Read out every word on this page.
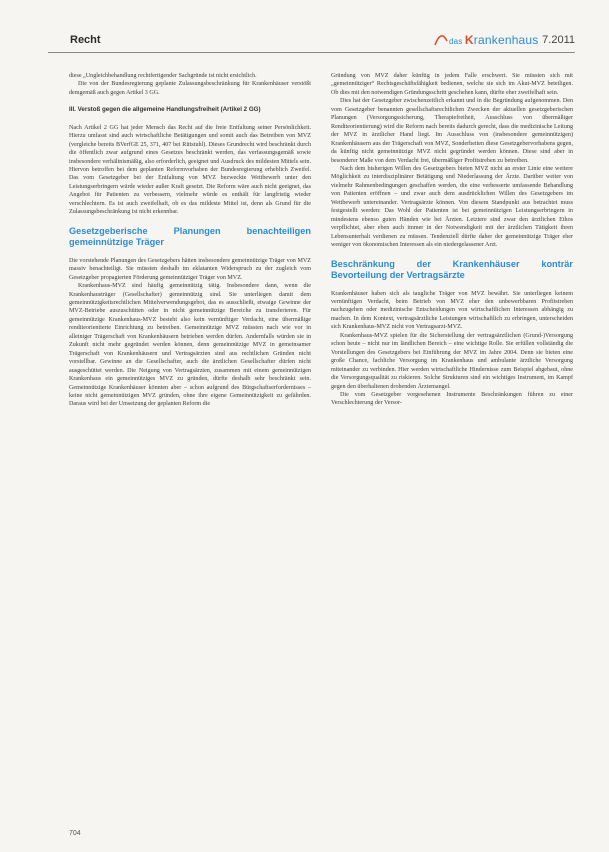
Recht	das Krankenhaus 7.2011

diese „Ungleichbehandlung rechtfertigender Sachgründe ist nicht ersichtlich.

Die von der Bundesregierung geplante Zulassungsbeschränkung für Krankenhäuser verstößt demgemäß auch gegen Artikel 3 GG.

III. Verstoß gegen die allgemeine Handlungsfreiheit (Artikel 2 GG)

Nach Artikel 2 GG hat jeder Mensch das Recht auf die freie Entfaltung seiner Persönlichkeit. Hierzu umfasst sind auch wirtschaftliche Betätigungen und somit auch das Betreiben von MVZ (vergleiche bereits BVerfGE 25, 371, 407 bei Rittstuhl). Dieses Grundrecht wird beschränkt durch die öffentlich zwar aufgrund eines Gesetzes beschränkt werden, das verfassungsgemäß sowie insbesondere verhältnismäßig, also erforderlich, geeignet und Ausdruck des mildesten Mittels sein. Hiervon betroffen bei dem geplanten Reformvorhaben der Bundesregierung erheblich Zweifel. Das vom Gesetzgeber bei der Entfaltung von MVZ bezweckte Wettbewerb unter den Leistungserbringern würde wieder außer Kraft gesetzt. Die Reform wäre auch nicht geeignet, das Angebot für Patienten zu verbessern, vielmehr würde es enthält für langfristig wieder verschlechtern. Es ist auch zweifelhaft, ob es das mildeste Mittel ist, denn als Grund für die Zulassungsbeschränkung ist nicht erkennbar.

Gesetzgeberische Planungen benachteiligen gemeinnützige Träger

Die vorstehende Planungen des Gesetzgebers hätten insbesondere gemeinnützige Träger von MVZ massiv benachteiligt. Sie müssten deshalb im eklatanten Widerspruch zu der zugleich vom Gesetzgeber propagierten Förderung gemeinnütziger Träger von MVZ.

Krankenhaus-MVZ sind häufig gemeinnützig tätig. Insbesondere dann, wenn die Krankenhausträger (Gesellschafter) gemeinnützig sind. Sie unterliegen damit dem gemeinnützigkeitsrechtlichen Mittelverwendungsgebot, das es ausschließt, etwaige Gewinne der MVZ-Betriebe auszuschütten oder in nicht gemeinnützige Bereiche zu transferieren. Für gemeinnützige Krankenhaus-MVZ besteht also kein vernünftiger Verdacht, eine übermäßige renditeorientierte Einrichtung zu betreiben. Gemeinnützige MVZ müssten nach wie vor in alleiniger Trägerschaft von Krankenhäusern betrieben werden dürfen. Andernfalls würden sie in Zukunft nicht mehr gegründet werden können, denn gemeinnützige MVZ in gemeinsamer Trägerschaft von Krankenhäusern und Vertragsärzten sind aus rechtlichen Gründen nicht vorstellbar. Gewinne an die Gesellschafter, auch die ärztlichen Gesellschafter dürfen nicht ausgeschüttet werden. Die Neigung von Vertragsärzten, zusammen mit einem gemeinnützigen Krankenhaus ein gemeinnütziges MVZ zu gründen, dürfte deshalb sehr beschränkt sein. Gemeinnützige Krankenhäuser könnten aber – schon aufgrund des Bürgschaftserfordernisses – keine nicht gemeinnützigen MVZ gründen, ohne ihre eigene Gemeinnützigkeit zu gefährden. Daraus wird bei der Umsetzung der geplanten Reform die

Gründung von MVZ daher künftig in jedem Falle erschwert. Sie müssten sich mit „gemeinnütziger“ Rechtsgeschäftsfähigkeit bedienen, welche sie sich im Akut-MVZ beteiligen. Ob dies mit den notwendigen Gründungsschritt geschehen kann, dürfte eher zweifelhaft sein.

Dies hat der Gesetzgeber zwischenzeitlich erkannt und in die Begründung aufgenommen. Den vom Gesetzgeber benannten gesellschaftsrechtlichen Zwecken der aktuellen gesetzgeberischen Planungen (Versorgungssicherung, Therapiefreiheit, Ausschluss von übermäßiger Renditeorientierung) wird die Reform nach bereits dadurch gerecht, dass die medizinische Leitung der MVZ in ärztlicher Hand liegt. Im Ausschluss von (insbesondere gemeinnützigen) Krankenhäusern aus der Trägerschaft von MVZ, Sonderheiten diese Gesetzgebervorhabens gegen, da künftig nicht gemeinnützige MVZ nicht gegründet werden können. Diese sind aber in besonderer Maße von dem Verdacht frei, übermäßiger Profitstreben zu betreiben.

Nach dem bisherigen Willen des Gesetzgebers bieten MVZ nicht an erster Linie eine weitere Möglichkeit zu interdisziplinärer Betätigung und Niederlassung der Ärzte. Darüber weiter von vielmehr Rahmenbedingungen geschaffen werden, die eine verbesserte umfassende Behandlung von Patienten eröffnen – und zwar auch dem ausdrücklichen Willen des Gesetzgebers im Wettbewerb untereinander. Vertragsärzte können. Von diesem Standpunkt aus betrachtet muss festgestellt werden: Das Wohl der Patienten ist bei gemeinnützigen Leistungserbringern in mindestens ebenso guten Händen wie bei Ärzten. Letztere sind zwar den ärztlichen Ethos verpflichtet, aber eben auch immer in der Notwendigkeit mit der ärztlichen Tätigkeit ihren Lebensunterhalt verdienen zu müssen. Tendenziell dürfte daher der gemeinnützige Träger eher weniger von ökonomischen Interessen als ein niedergelassener Arzt.

Beschränkung der Krankenhäuser konträr Bevorteilung der Vertragsärzte

Krankenhäuser haben sich als taugliche Träger von MVZ bewährt. Sie unterliegen keinem vernünftigen Verdacht, beim Betrieb von MVZ eher den unbewerbbaren Profitstreben nachzugehen oder medizinische Entscheidungen von wirtschaftlichen Interessen abhängig zu machen. In dem Kontext, vertragsärztliche Leistungen wirtschaftlich zu erbringen, unterscheiden sich Krankenhaus-MVZ nicht von Vertragsarzt-MVZ.

Krankenhaus-MVZ spielen für die Sicherstellung der vertragsärztlichen (Grund-)Versorgung schon heute – nicht nur im ländlichen Bereich – eine wichtige Rolle. Sie erfüllen vollständig die Vorstellungen des Gesetzgebers bei Einführung der MVZ im Jahre 2004. Denn sie bieten eine große Chance, fachliche Versorgung im Krankenhaus und ambulante ärztliche Versorgung miteinander zu verbinden. Hier werden wirtschaftliche Hindernisse zum Beispiel abgebaut, ohne die Versorgungsqualität zu riskieren. Solche Strukturen sind ein wichtiges Instrument, im Kampf gegen den überhaltenen drohenden Ärztemangel.

Die vom Gesetzgeber vorgesehenen Instrumente Beschränkungen führen zu einer Verschlechterung der Versor-

704
